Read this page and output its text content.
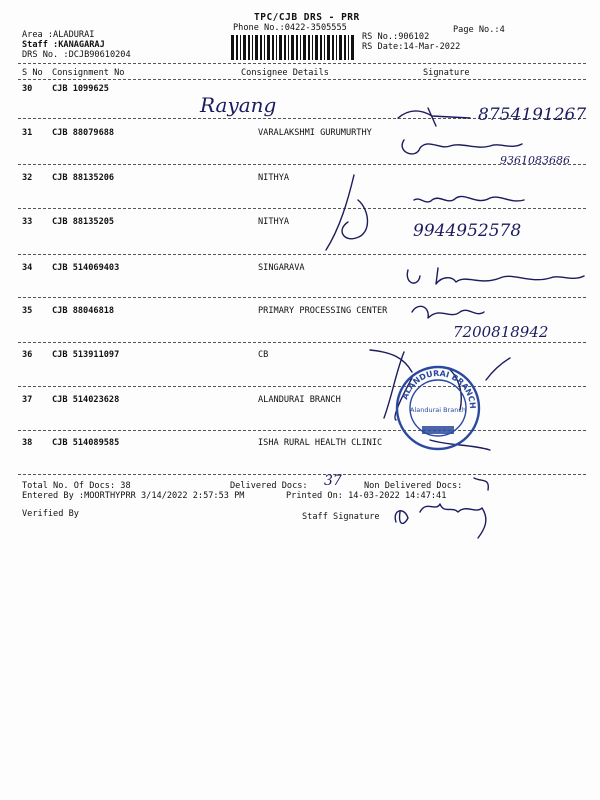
TPC/CJB DRS - PRR
Phone No.:0422-3505555
Area :ALADURAI
Staff :KANAGARAJ
DRS No. :DCJB90610204
RS No.:906102
RS Date:14-Mar-2022
Page No.:4
S No Consignment No	Consignee Details	Signature
30 CJB 1099625
31 CJB 88079688	VARALAKSHMI GURUMURTHY
32 CJB 88135206	NITHYA
33 CJB 88135205	NITHYA
34 CJB 514069403	SINGARAVA
35 CJB 88046818	PRIMARY PROCESSING CENTER
36 CJB 513911097	CB
37 CJB 514023628	ALANDURAI BRANCH
38 CJB 514089585	ISHA RURAL HEALTH CLINIC
Rayang	8754191267
9361083686
9944952578
7200818942
ALANDURAI BRANCH
Alandurai Branch
Total No. Of Docs: 38	Delivered Docs: 37	Non Delivered Docs:
Entered By :MOORTHYPRR 3/14/2022 2:57:53 PM	Printed On: 14-03-2022 14:47:41
Verified By	Staff Signature
